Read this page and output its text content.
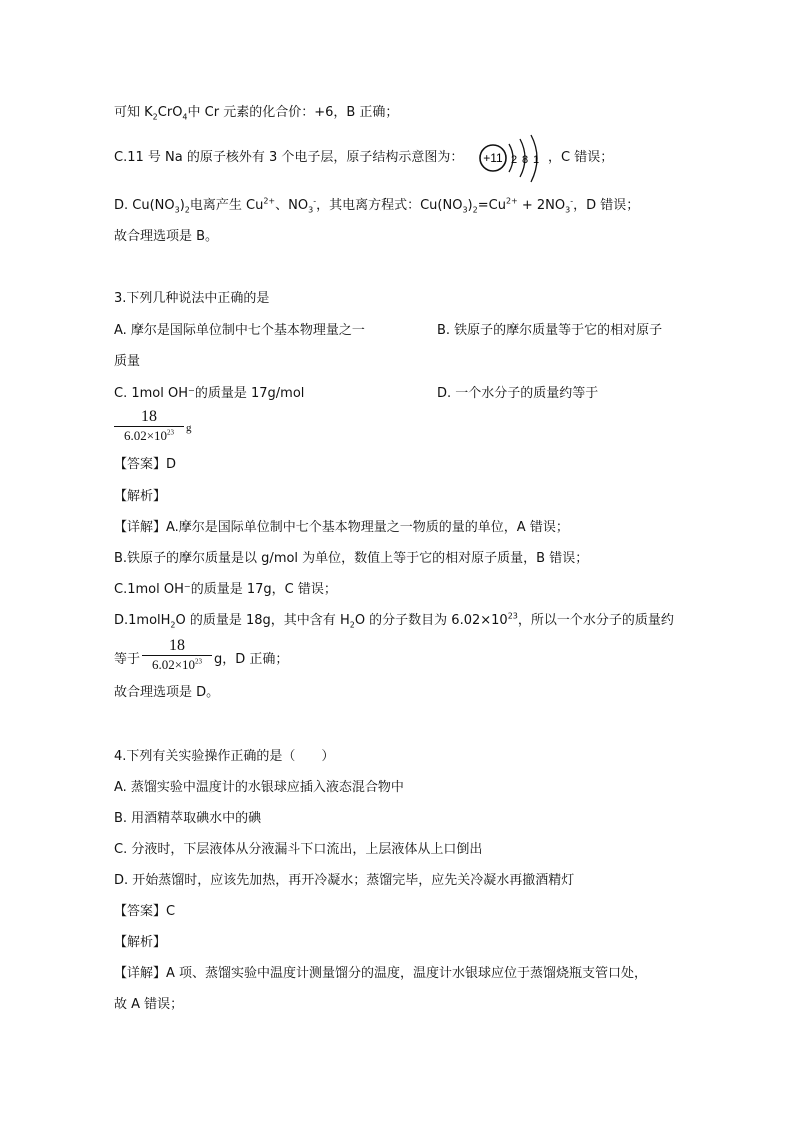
可知 $K_2CrO_4$中 Cr 元素的化合价：+6，B 正确；
C.11 号 Na 的原子核外有 3 个电子层，原子结构示意图为： +11 2 8 1 ，C 错误；
D. $Cu(NO_3)_2$电离产生 $Cu^{2+}$、$NO_3^-$，其电离方程式：$Cu(NO_3)_2=Cu^{2+} + 2NO_3^-$，D 错误；
故合理选项是 B。
3.下列几种说法中正确的是
A. 摩尔是国际单位制中七个基本物理量之一	B. 铁原子的摩尔质量等于它的相对原子
质量
C. 1mol OH⁻的质量是 17g/mol	D. 一个水分子的质量约等于
18
$6.02\times 10^{23}$	g
【答案】D
【解析】
【详解】A.摩尔是国际单位制中七个基本物理量之一物质的量的单位，A 错误；
B.铁原子的摩尔质量是以 g/mol 为单位，数值上等于它的相对原子质量，B 错误；
C.1mol OH⁻的质量是 17g，C 错误；
D.1molH$_2$O 的质量是 18g，其中含有 $H_2O$ 的分子数目为 $6.02\times 10^{23}$，所以一个水分子的质量约
等于
18
$6.02\times 10^{23}$ g，D 正确；
故合理选项是 D。
4.下列有关实验操作正确的是（　　）
A. 蒸馏实验中温度计的水银球应插入液态混合物中
B. 用酒精萃取碘水中的碘
C. 分液时，下层液体从分液漏斗下口流出，上层液体从上口倒出
D. 开始蒸馏时，应该先加热，再开冷凝水；蒸馏完毕，应先关冷凝水再撤酒精灯
【答案】C
【解析】
【详解】A 项、蒸馏实验中温度计测量馏分的温度，温度计水银球应位于蒸馏烧瓶支管口处，
故 A 错误；
